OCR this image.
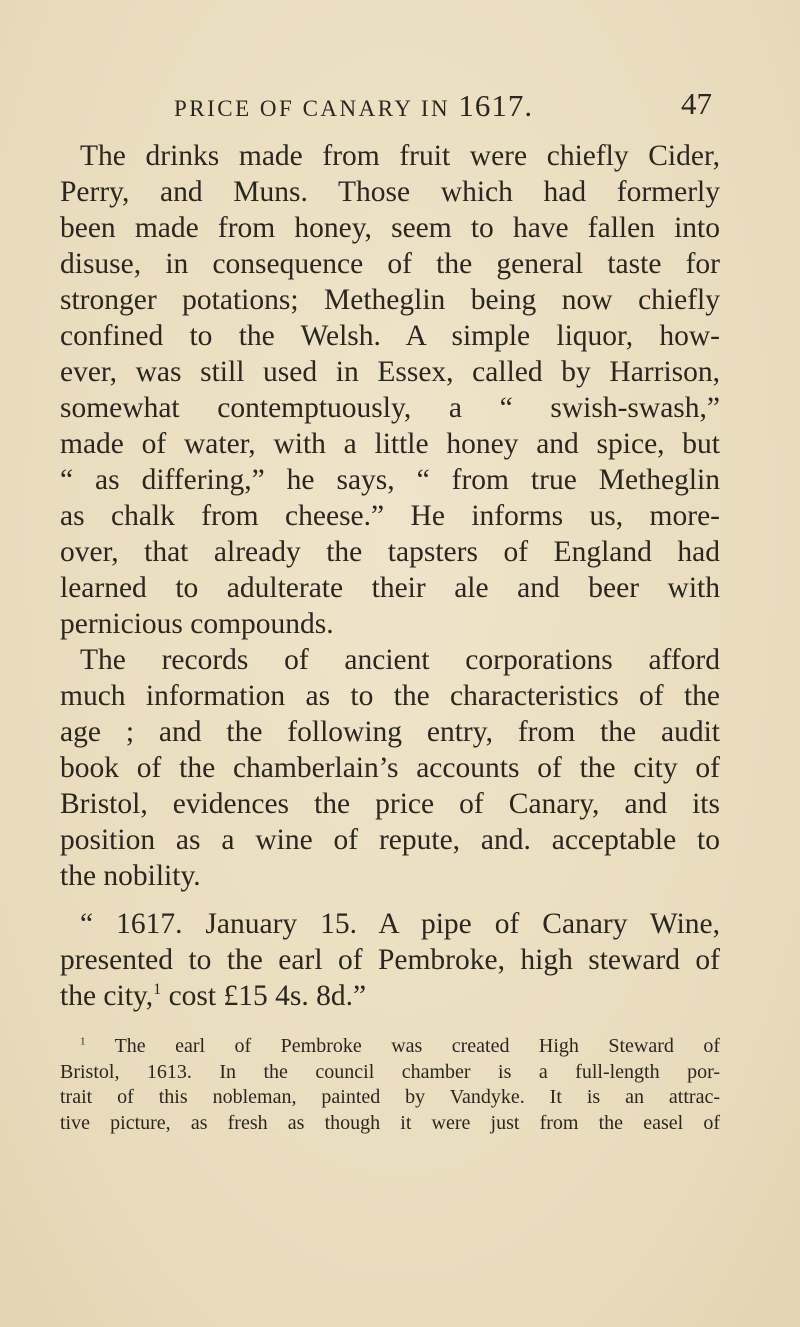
PRICE OF CANARY IN 1617.	47
The drinks made from fruit were chiefly Cider,
Perry, and Muns. Those which had formerly
been made from honey, seem to have fallen into
disuse, in consequence of the general taste for
stronger potations; Metheglin being now chiefly
confined to the Welsh. A simple liquor, how-
ever, was still used in Essex, called by Harrison,
somewhat contemptuously, a “ swish-swash,”
made of water, with a little honey and spice, but
“ as differing,” he says, “ from true Metheglin
as chalk from cheese.” He informs us, more-
over, that already the tapsters of England had
learned to adulterate their ale and beer with
pernicious compounds.
The records of ancient corporations afford
much information as to the characteristics of the
age ; and the following entry, from the audit
book of the chamberlain’s accounts of the city of
Bristol, evidences the price of Canary, and its
position as a wine of repute, and. acceptable to
the nobility.
“ 1617. January 15. A pipe of Canary Wine,
presented to the earl of Pembroke, high steward of
the city,$^1$ cost £15 4s. 8d.”
$^1$ The earl of Pembroke was created High Steward of
Bristol, 1613. In the council chamber is a full-length por-
trait of this nobleman, painted by Vandyke. It is an attrac-
tive picture, as fresh as though it were just from the easel of
